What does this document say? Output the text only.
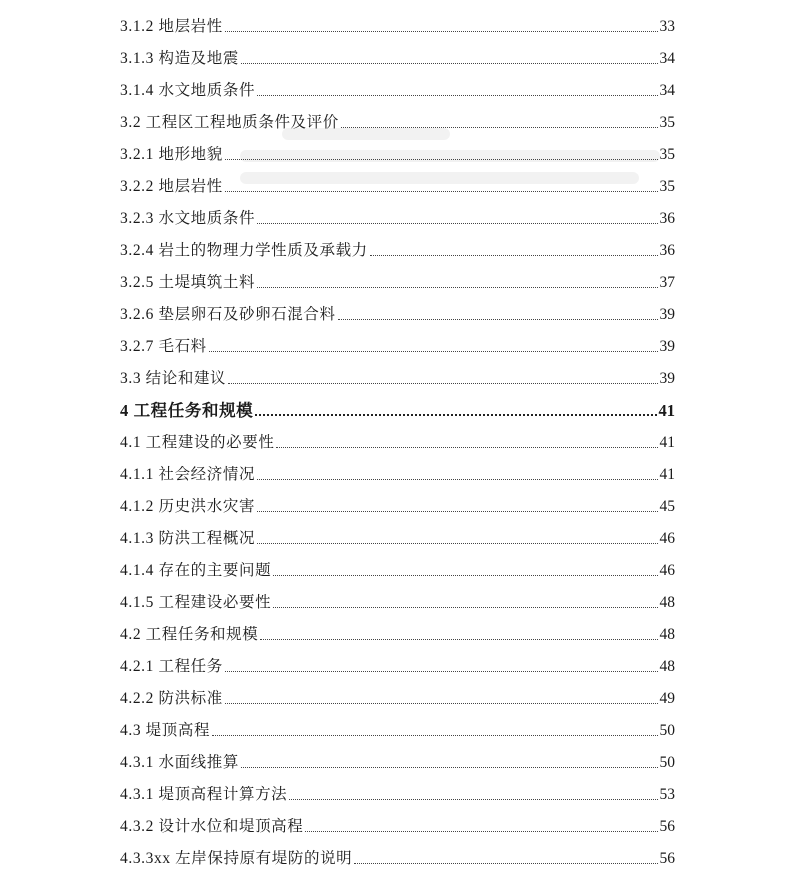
3.1.2 地层岩性	33
3.1.3 构造及地震	34
3.1.4 水文地质条件	34
3.2 工程区工程地质条件及评价	35
3.2.1 地形地貌	35
3.2.2 地层岩性	35
3.2.3 水文地质条件	36
3.2.4 岩土的物理力学性质及承载力	36
3.2.5 土堤填筑土料	37
3.2.6 垫层卵石及砂卵石混合料	39
3.2.7 毛石料	39
3.3 结论和建议	39
4 工程任务和规模	41
4.1 工程建设的必要性	41
4.1.1 社会经济情况	41
4.1.2 历史洪水灾害	45
4.1.3 防洪工程概况	46
4.1.4 存在的主要问题	46
4.1.5 工程建设必要性	48
4.2 工程任务和规模	48
4.2.1 工程任务	48
4.2.2 防洪标准	49
4.3 堤顶高程	50
4.3.1 水面线推算	50
4.3.1 堤顶高程计算方法	53
4.3.2 设计水位和堤顶高程	56
4.3.3xx 左岸保持原有堤防的说明	56
